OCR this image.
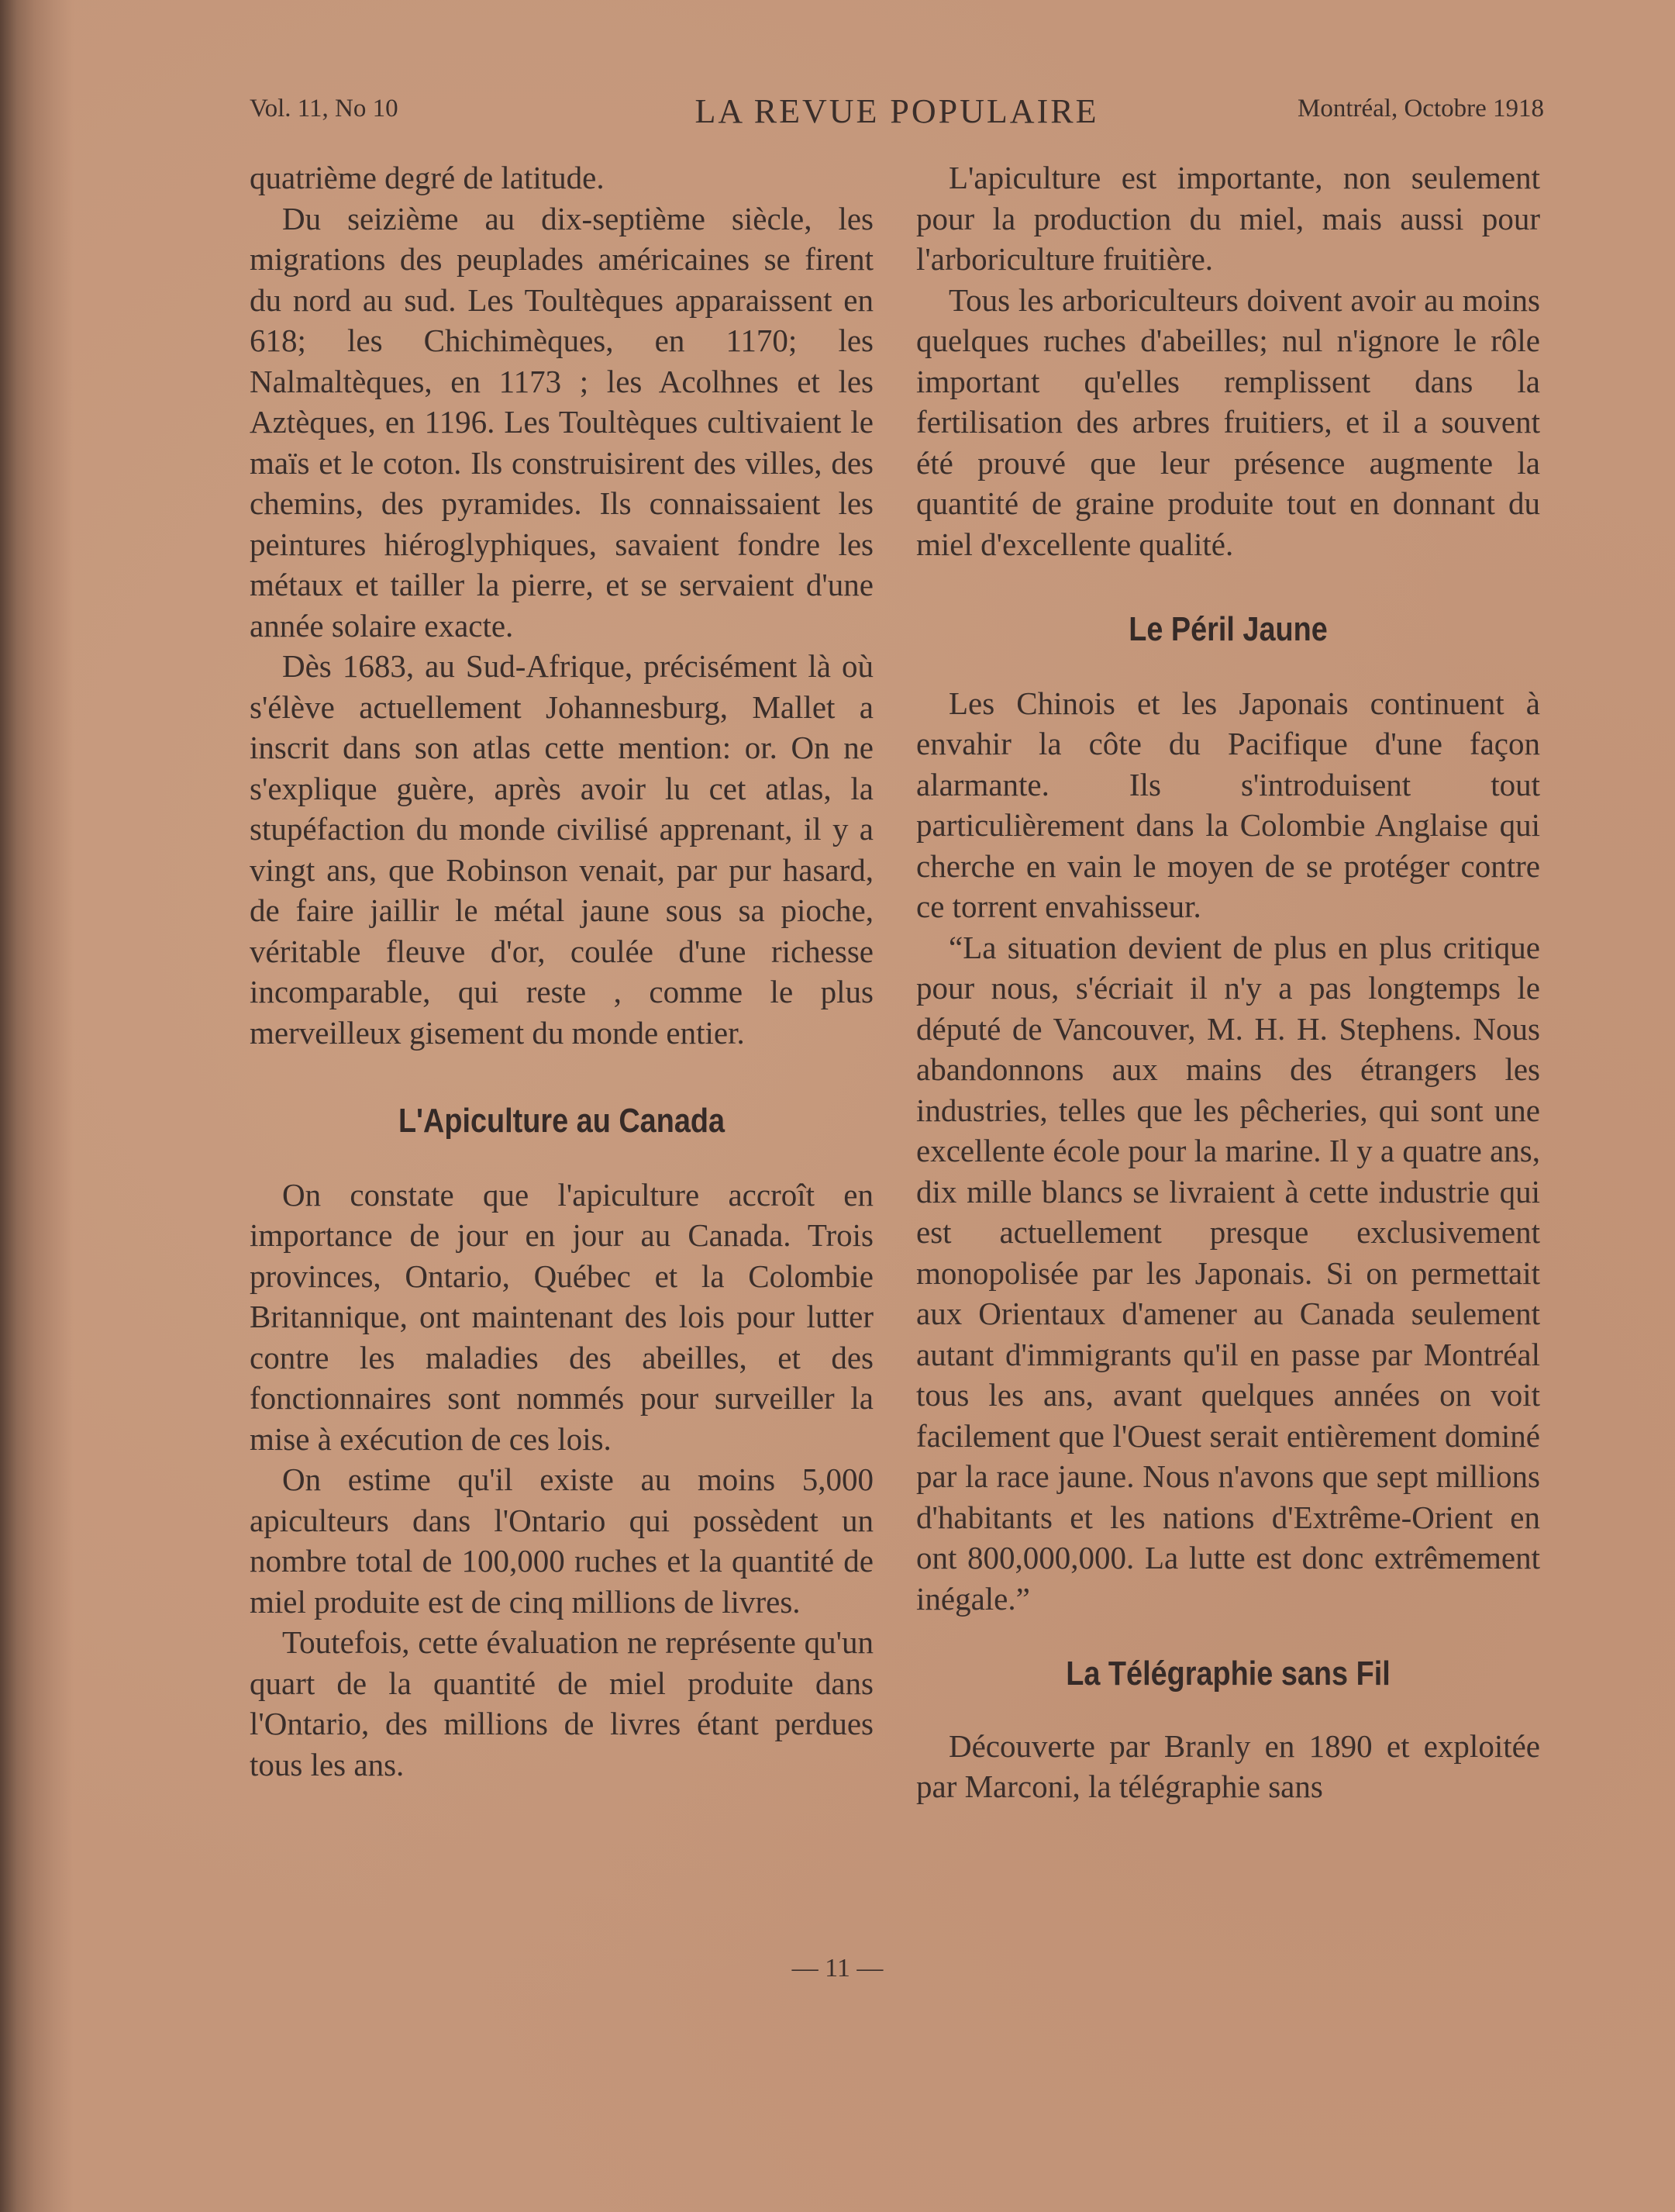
Vol. 11, No 10	LA REVUE POPULAIRE	Montréal, Octobre 1918

quatrième degré de latitude.

Du seizième au dix-septième siècle, les migrations des peuplades américaines se firent du nord au sud. Les Toultèques apparaissent en 618; les Chichimèques, en 1170; les Nalmaltèques, en 1173 ; les Acolhnes et les Aztèques, en 1196. Les Toultèques cultivaient le maïs et le coton. Ils construisirent des villes, des chemins, des pyramides. Ils connaissaient les peintures hiéroglyphiques, savaient fondre les métaux et tailler la pierre, et se servaient d'une année solaire exacte.

Dès 1683, au Sud-Afrique, précisément là où s'élève actuellement Johannesburg, Mallet a inscrit dans son atlas cette mention: or. On ne s'explique guère, après avoir lu cet atlas, la stupéfaction du monde civilisé apprenant, il y a vingt ans, que Robinson venait, par pur hasard, de faire jaillir le métal jaune sous sa pioche, véritable fleuve d'or, coulée d'une richesse incomparable, qui reste , comme le plus merveilleux gisement du monde entier.

L'Apiculture au Canada

On constate que l'apiculture accroît en importance de jour en jour au Canada. Trois provinces, Ontario, Québec et la Colombie Britannique, ont maintenant des lois pour lutter contre les maladies des abeilles, et des fonctionnaires sont nommés pour surveiller la mise à exécution de ces lois.

On estime qu'il existe au moins 5,000 apiculteurs dans l'Ontario qui possèdent un nombre total de 100,000 ruches et la quantité de miel produite est de cinq millions de livres.

Toutefois, cette évaluation ne représente qu'un quart de la quantité de miel produite dans l'Ontario, des millions de livres étant perdues tous les ans.

L'apiculture est importante, non seulement pour la production du miel, mais aussi pour l'arboriculture fruitière.

Tous les arboriculteurs doivent avoir au moins quelques ruches d'abeilles; nul n'ignore le rôle important qu'elles remplissent dans la fertilisation des arbres fruitiers, et il a souvent été prouvé que leur présence augmente la quantité de graine produite tout en donnant du miel d'excellente qualité.

Le Péril Jaune

Les Chinois et les Japonais continuent à envahir la côte du Pacifique d'une façon alarmante. Ils s'introduisent tout particulièrement dans la Colombie Anglaise qui cherche en vain le moyen de se protéger contre ce torrent envahisseur.

“La situation devient de plus en plus critique pour nous, s'écriait il n'y a pas longtemps le député de Vancouver, M. H. H. Stephens. Nous abandonnons aux mains des étrangers les industries, telles que les pêcheries, qui sont une excellente école pour la marine. Il y a quatre ans, dix mille blancs se livraient à cette industrie qui est actuellement presque exclusivement monopolisée par les Japonais. Si on permettait aux Orientaux d'amener au Canada seulement autant d'immigrants qu'il en passe par Montréal tous les ans, avant quelques années on voit facilement que l'Ouest serait entièrement dominé par la race jaune. Nous n'avons que sept millions d'habitants et les nations d'Extrême-Orient en ont 800,000,000. La lutte est donc extrêmement inégale.”

La Télégraphie sans Fil

Découverte par Branly en 1890 et exploitée par Marconi, la télégraphie sans

— 11 —
